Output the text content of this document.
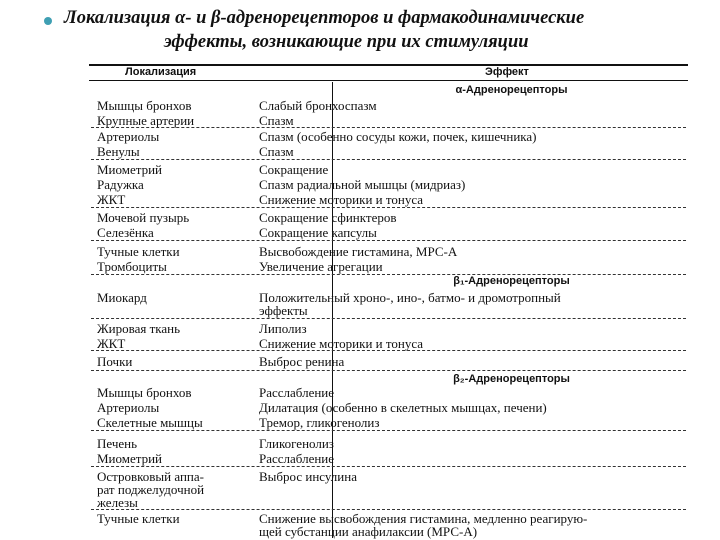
Локализация α- и β-адренорецепторов и фармакодинамические
эффекты, возникающие при их стимуляции
Локализация	Эффект
α-Адренорецепторы
Мышцы бронхов	Слабый бронхоспазм
Крупные артерии	Спазм
Артериолы	Спазм (особенно сосуды кожи, почек, кишечника)
Венулы	Спазм
Миометрий	Сокращение
Радужка	Спазм радиальной мышцы (мидриаз)
ЖКТ	Снижение моторики и тонуса
Мочевой пузырь	Сокращение сфинктеров
Селезёнка	Сокращение капсулы
Тучные клетки	Высвобождение гистамина, МРС-А
Тромбоциты	Увеличение агрегации
β₁-Адренорецепторы
Миокард	Положительный хроно-, ино-, батмо- и дромотропный
эффекты
Жировая ткань	Липолиз
ЖКТ	Снижение моторики и тонуса
Почки	Выброс ренина
β₂-Адренорецепторы
Мышцы бронхов	Расслабление
Артериолы	Дилатация (особенно в скелетных мышцах, печени)
Скелетные мышцы	Тремор, гликогенолиз
Печень	Гликогенолиз
Миометрий	Расслабление
Островковый аппа-	Выброс инсулина
рат поджелудочной
железы
Тучные клетки	Снижение высвобождения гистамина, медленно реагирую-
щей субстанции анафилаксии (МРС-А)
